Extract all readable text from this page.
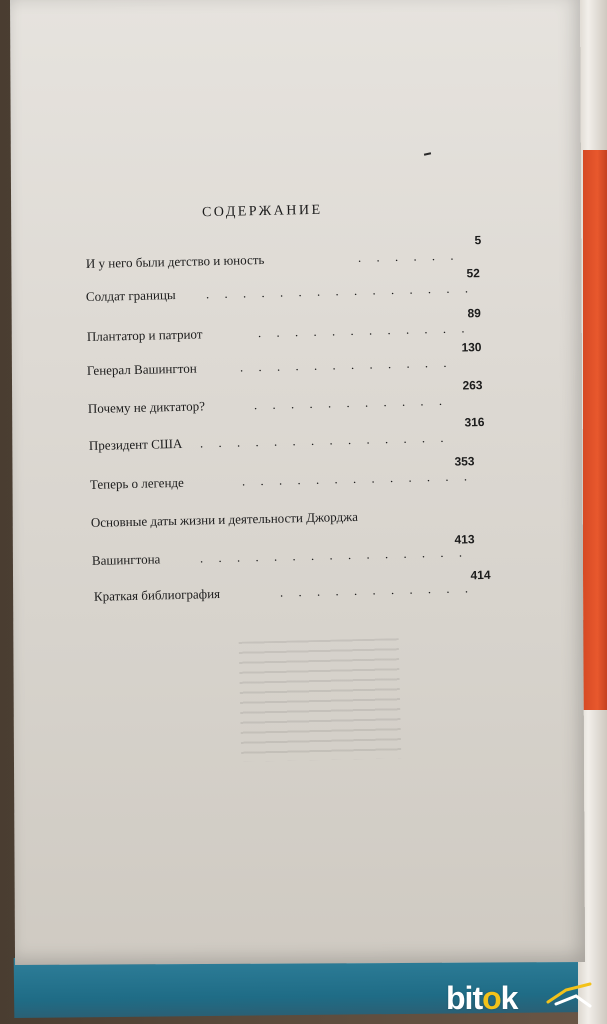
СОДЕРЖАНИЕ
И у него были детство и юность	. . . . . .
5
Солдат границы . . . . . . . . . . . . . . .
52
Плантатор и патриот	. . . . . . . . . . . .
89
Генерал Вашингтон	. . . . . . . . . . . .
130
Почему не диктатор?	. . . . . . . . . . .
263
Президент США . . . . . . . . . . . . . .
316
Теперь о легенде	. . . . . . . . . . . . .
353
Основные даты жизни и деятельности Джорджа
Вашингтона	. . . . . . . . . . . . . . .
413
Краткая библиография	. . . . . . . . . . .
414
bitok
